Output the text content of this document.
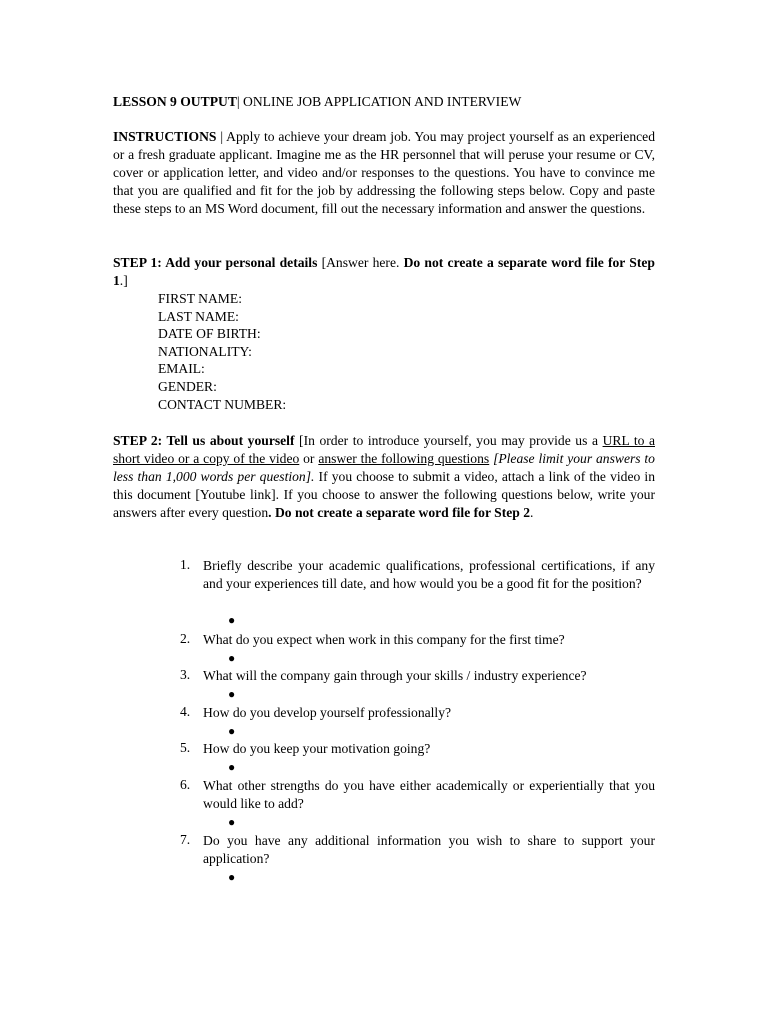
LESSON 9 OUTPUT| ONLINE JOB APPLICATION AND INTERVIEW
INSTRUCTIONS | Apply to achieve your dream job. You may project yourself as an experienced or a fresh graduate applicant. Imagine me as the HR personnel that will peruse your resume or CV, cover or application letter, and video and/or responses to the questions. You have to convince me that you are qualified and fit for the job by addressing the following steps below. Copy and paste these steps to an MS Word document, fill out the necessary information and answer the questions.
STEP 1: Add your personal details [Answer here. Do not create a separate word file for Step 1.]
FIRST NAME:
LAST NAME:
DATE OF BIRTH:
NATIONALITY:
EMAIL:
GENDER:
CONTACT NUMBER:
STEP 2: Tell us about yourself [In order to introduce yourself, you may provide us a URL to a short video or a copy of the video or answer the following questions [Please limit your answers to less than 1,000 words per question]. If you choose to submit a video, attach a link of the video in this document [Youtube link]. If you choose to answer the following questions below, write your answers after every question. Do not create a separate word file for Step 2.
1. Briefly describe your academic qualifications, professional certifications, if any and your experiences till date, and how would you be a good fit for the position?
●
2. What do you expect when work in this company for the first time?
●
3. What will the company gain through your skills / industry experience?
●
4. How do you develop yourself professionally?
●
5. How do you keep your motivation going?
●
6. What other strengths do you have either academically or experientially that you would like to add?
●
7. Do you have any additional information you wish to share to support your application?
●
